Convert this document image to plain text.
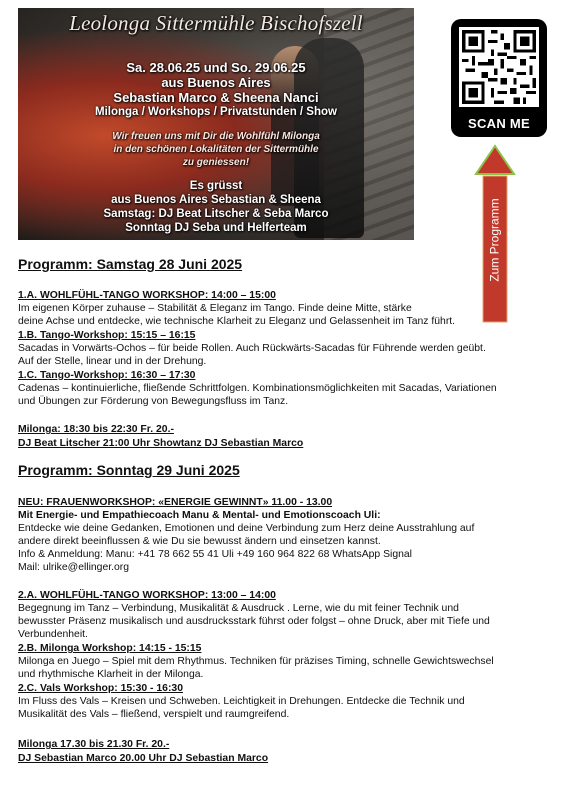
Leolonga Sittermühle Bischofszell
Sa. 28.06.25 und So. 29.06.25
aus Buenos Aires
Sebastian Marco & Sheena Nanci
Milonga / Workshops / Privatstunden / Show
Wir freuen uns mit Dir die Wohlfühl Milonga
in den schönen Lokalitäten der Sittermühle
zu geniessen!
Es grüsst
aus Buenos Aires Sebastian & Sheena
Samstag: DJ Beat Litscher & Seba Marco
Sonntag DJ Seba und Helferteam
SCAN ME
Zum Programm
Programm: Samstag 28 Juni 2025
1.A. WOHLFÜHL-TANGO WORKSHOP: 14:00 – 15:00
Im eigenen Körper zuhause – Stabilität & Eleganz im Tango. Finde deine Mitte, stärke
deine Achse und entdecke, wie technische Klarheit zu Eleganz und Gelassenheit im Tanz führt.
1.B. Tango-Workshop: 15:15 – 16:15
Sacadas in Vorwärts-Ochos – für beide Rollen. Auch Rückwärts-Sacadas für Führende werden geübt.
Auf der Stelle, linear und in der Drehung.
1.C. Tango-Workshop: 16:30 – 17:30
Cadenas – kontinuierliche, fließende Schrittfolgen. Kombinationsmöglichkeiten mit Sacadas, Variationen
und Übungen zur Förderung von Bewegungsfluss im Tanz.
Milonga: 18:30 bis 22:30 Fr. 20.-
DJ Beat Litscher 21:00 Uhr Showtanz DJ Sebastian Marco
Programm: Sonntag 29 Juni 2025
NEU: FRAUENWORKSHOP: «ENERGIE GEWINNT» 11.00 - 13.00
Mit Energie- und Empathiecoach Manu & Mental- und Emotionscoach Uli:
Entdecke wie deine Gedanken, Emotionen und deine Verbindung zum Herz deine Ausstrahlung auf
andere direkt beeinflussen & wie Du sie bewusst ändern und einsetzen kannst.
Info & Anmeldung: Manu: +41 78 662 55 41 Uli +49 160 964 822 68 WhatsApp Signal
Mail: ulrike@ellinger.org
2.A. WOHLFÜHL-TANGO WORKSHOP: 13:00 – 14:00
Begegnung im Tanz – Verbindung, Musikalität & Ausdruck . Lerne, wie du mit feiner Technik und
bewusster Präsenz musikalisch und ausdrucksstark führst oder folgst – ohne Druck, aber mit Tiefe und
Verbundenheit.
2.B. Milonga Workshop: 14:15 - 15:15
Milonga en Juego – Spiel mit dem Rhythmus. Techniken für präzises Timing, schnelle Gewichtswechsel
und rhythmische Klarheit in der Milonga.
2.C. Vals Workshop: 15:30 - 16:30
Im Fluss des Vals – Kreisen und Schweben. Leichtigkeit in Drehungen. Entdecke die Technik und
Musikalität des Vals – fließend, verspielt und raumgreifend.
Milonga 17.30 bis 21.30 Fr. 20.-
DJ Sebastian Marco 20.00 Uhr DJ Sebastian Marco
